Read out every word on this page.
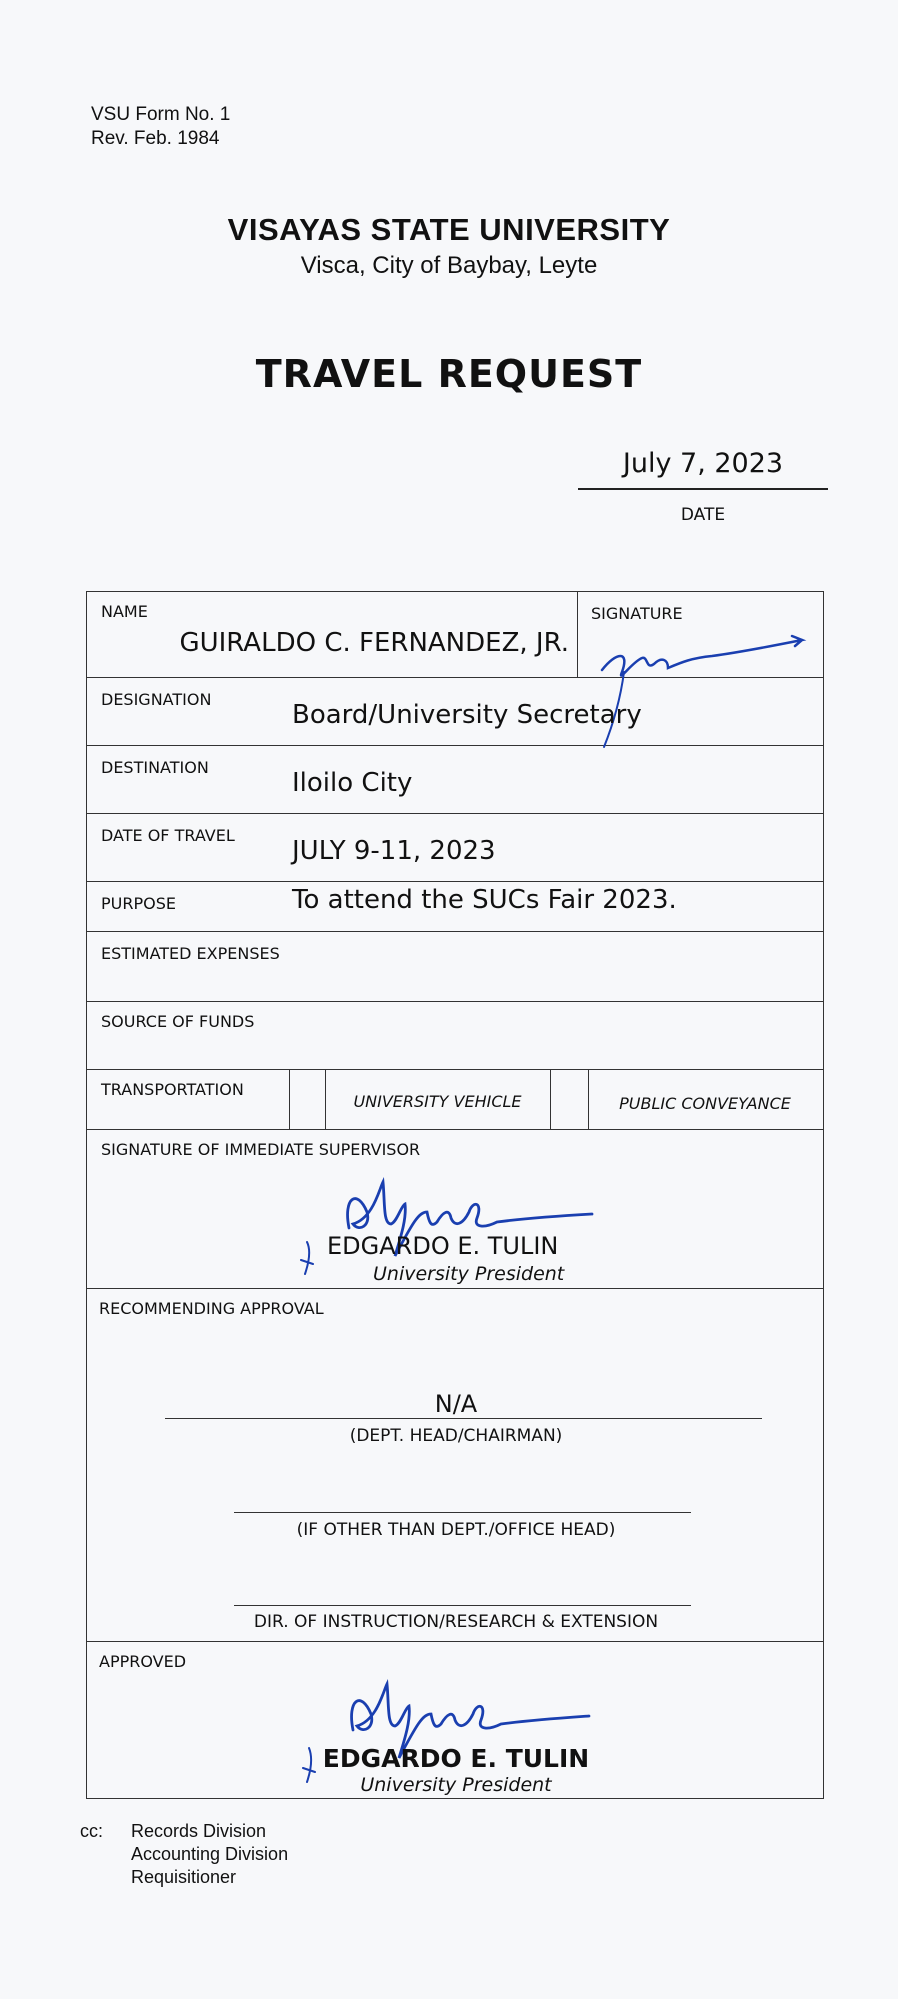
VSU Form No. 1
Rev. Feb. 1984
VISAYAS STATE UNIVERSITY
Visca, City of Baybay, Leyte
TRAVEL REQUEST
July 7, 2023
DATE
NAME
GUIRALDO C. FERNANDEZ, JR.
SIGNATURE
DESIGNATION
Board/University Secretary
DESTINATION
Iloilo City
DATE OF TRAVEL
JULY 9-11, 2023
PURPOSE	To attend the SUCs Fair 2023.
ESTIMATED EXPENSES
SOURCE OF FUNDS
TRANSPORTATION
UNIVERSITY VEHICLE	PUBLIC CONVEYANCE
SIGNATURE OF IMMEDIATE SUPERVISOR
EDGARDO E. TULIN
University President
RECOMMENDING APPROVAL
N/A
(DEPT. HEAD/CHAIRMAN)
(IF OTHER THAN DEPT./OFFICE HEAD)
DIR. OF INSTRUCTION/RESEARCH & EXTENSION
APPROVED
EDGARDO E. TULIN
University President
cc: Records Division
Accounting Division
Requisitioner
